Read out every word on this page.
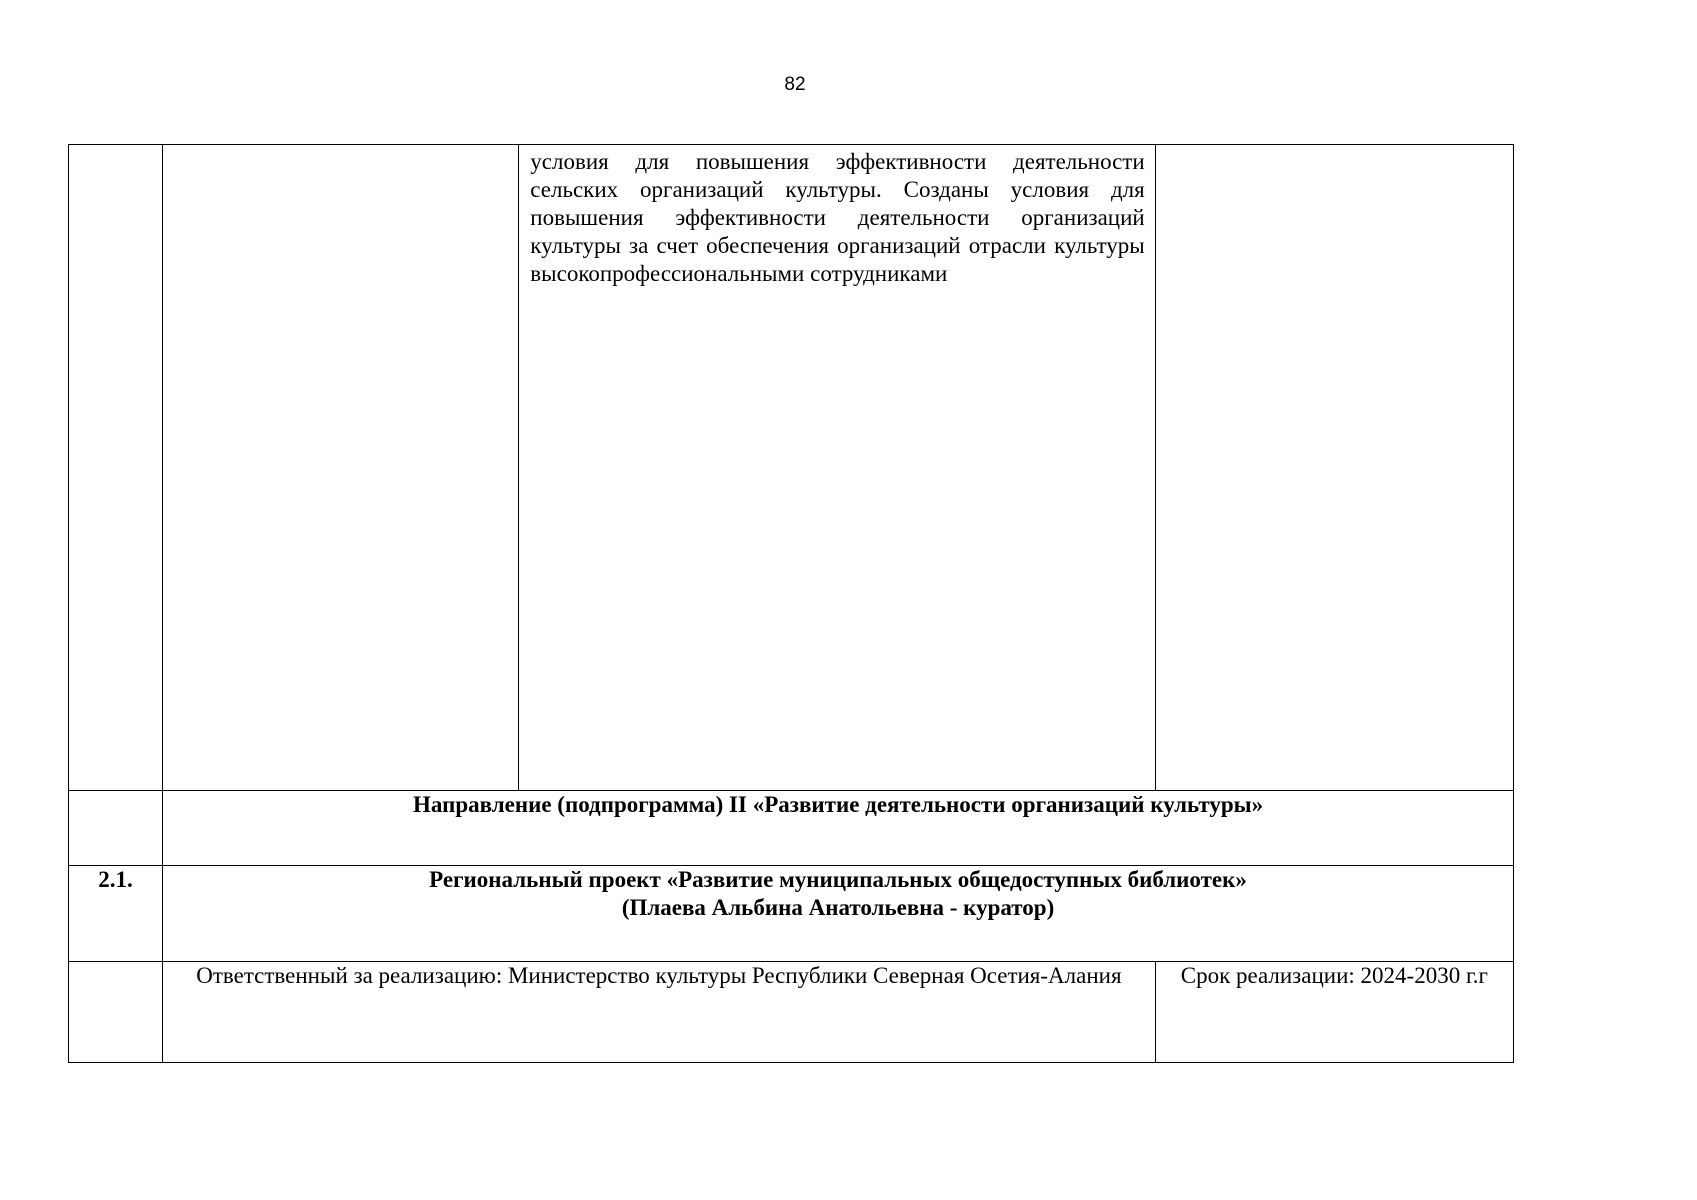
82

		условия для повышения эффективности деятельности сельских организаций культуры. Созданы условия для повышения эффективности деятельности организаций культуры за счет обеспечения организаций отрасли культуры высокопрофессиональными сотрудниками	

	Направление (подпрограмма) II «Развитие деятельности организаций культуры»		
2.1.	Региональный проект «Развитие муниципальных общедоступных библиотек»
(Плаева Альбина Анатольевна - куратор)		

	Ответственный за реализацию: Министерство культуры Республики Северная Осетия-Алания		Срок реализации: 2024-2030 г.г
